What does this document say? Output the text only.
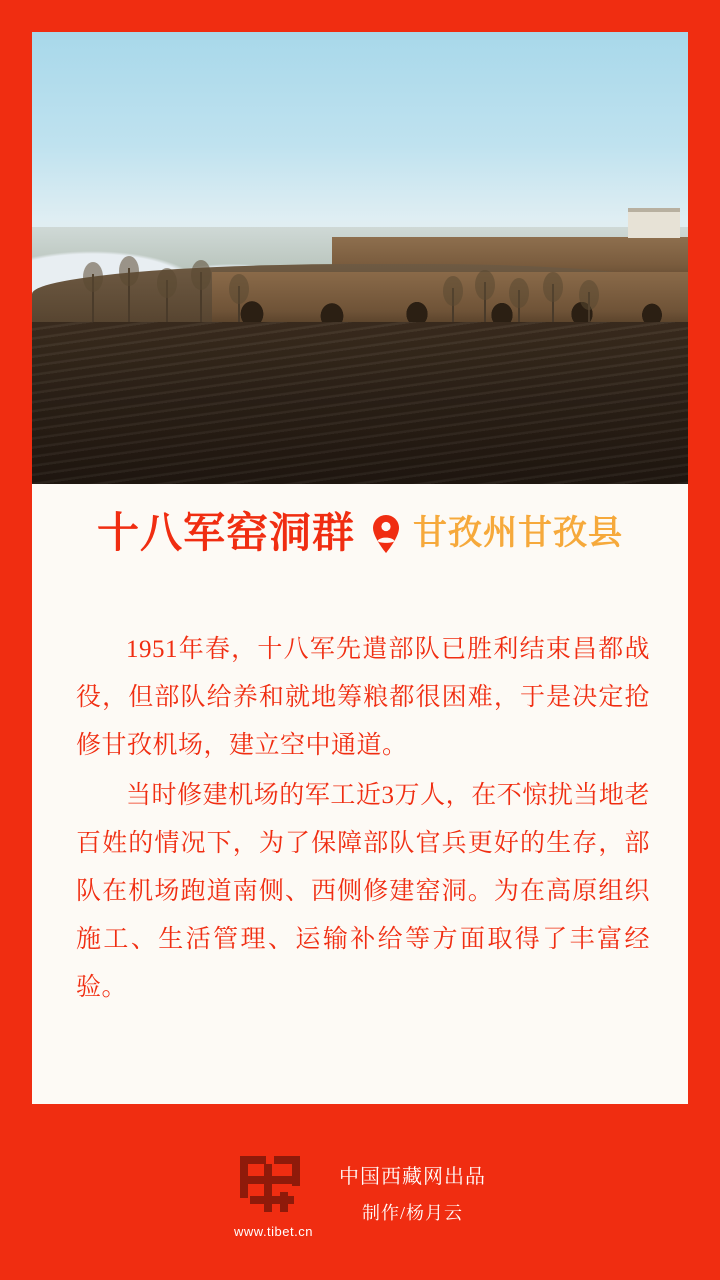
十八军窑洞群 甘孜州甘孜县

1951年春，十八军先遣部队已胜利结束昌都战役，但部队给养和就地筹粮都很困难，于是决定抢修甘孜机场，建立空中通道。

当时修建机场的军工近3万人，在不惊扰当地老百姓的情况下，为了保障部队官兵更好的生存，部队在机场跑道南侧、西侧修建窑洞。为在高原组织施工、生活管理、运输补给等方面取得了丰富经验。

www.tibet.cn
中国西藏网出品
制作/杨月云
